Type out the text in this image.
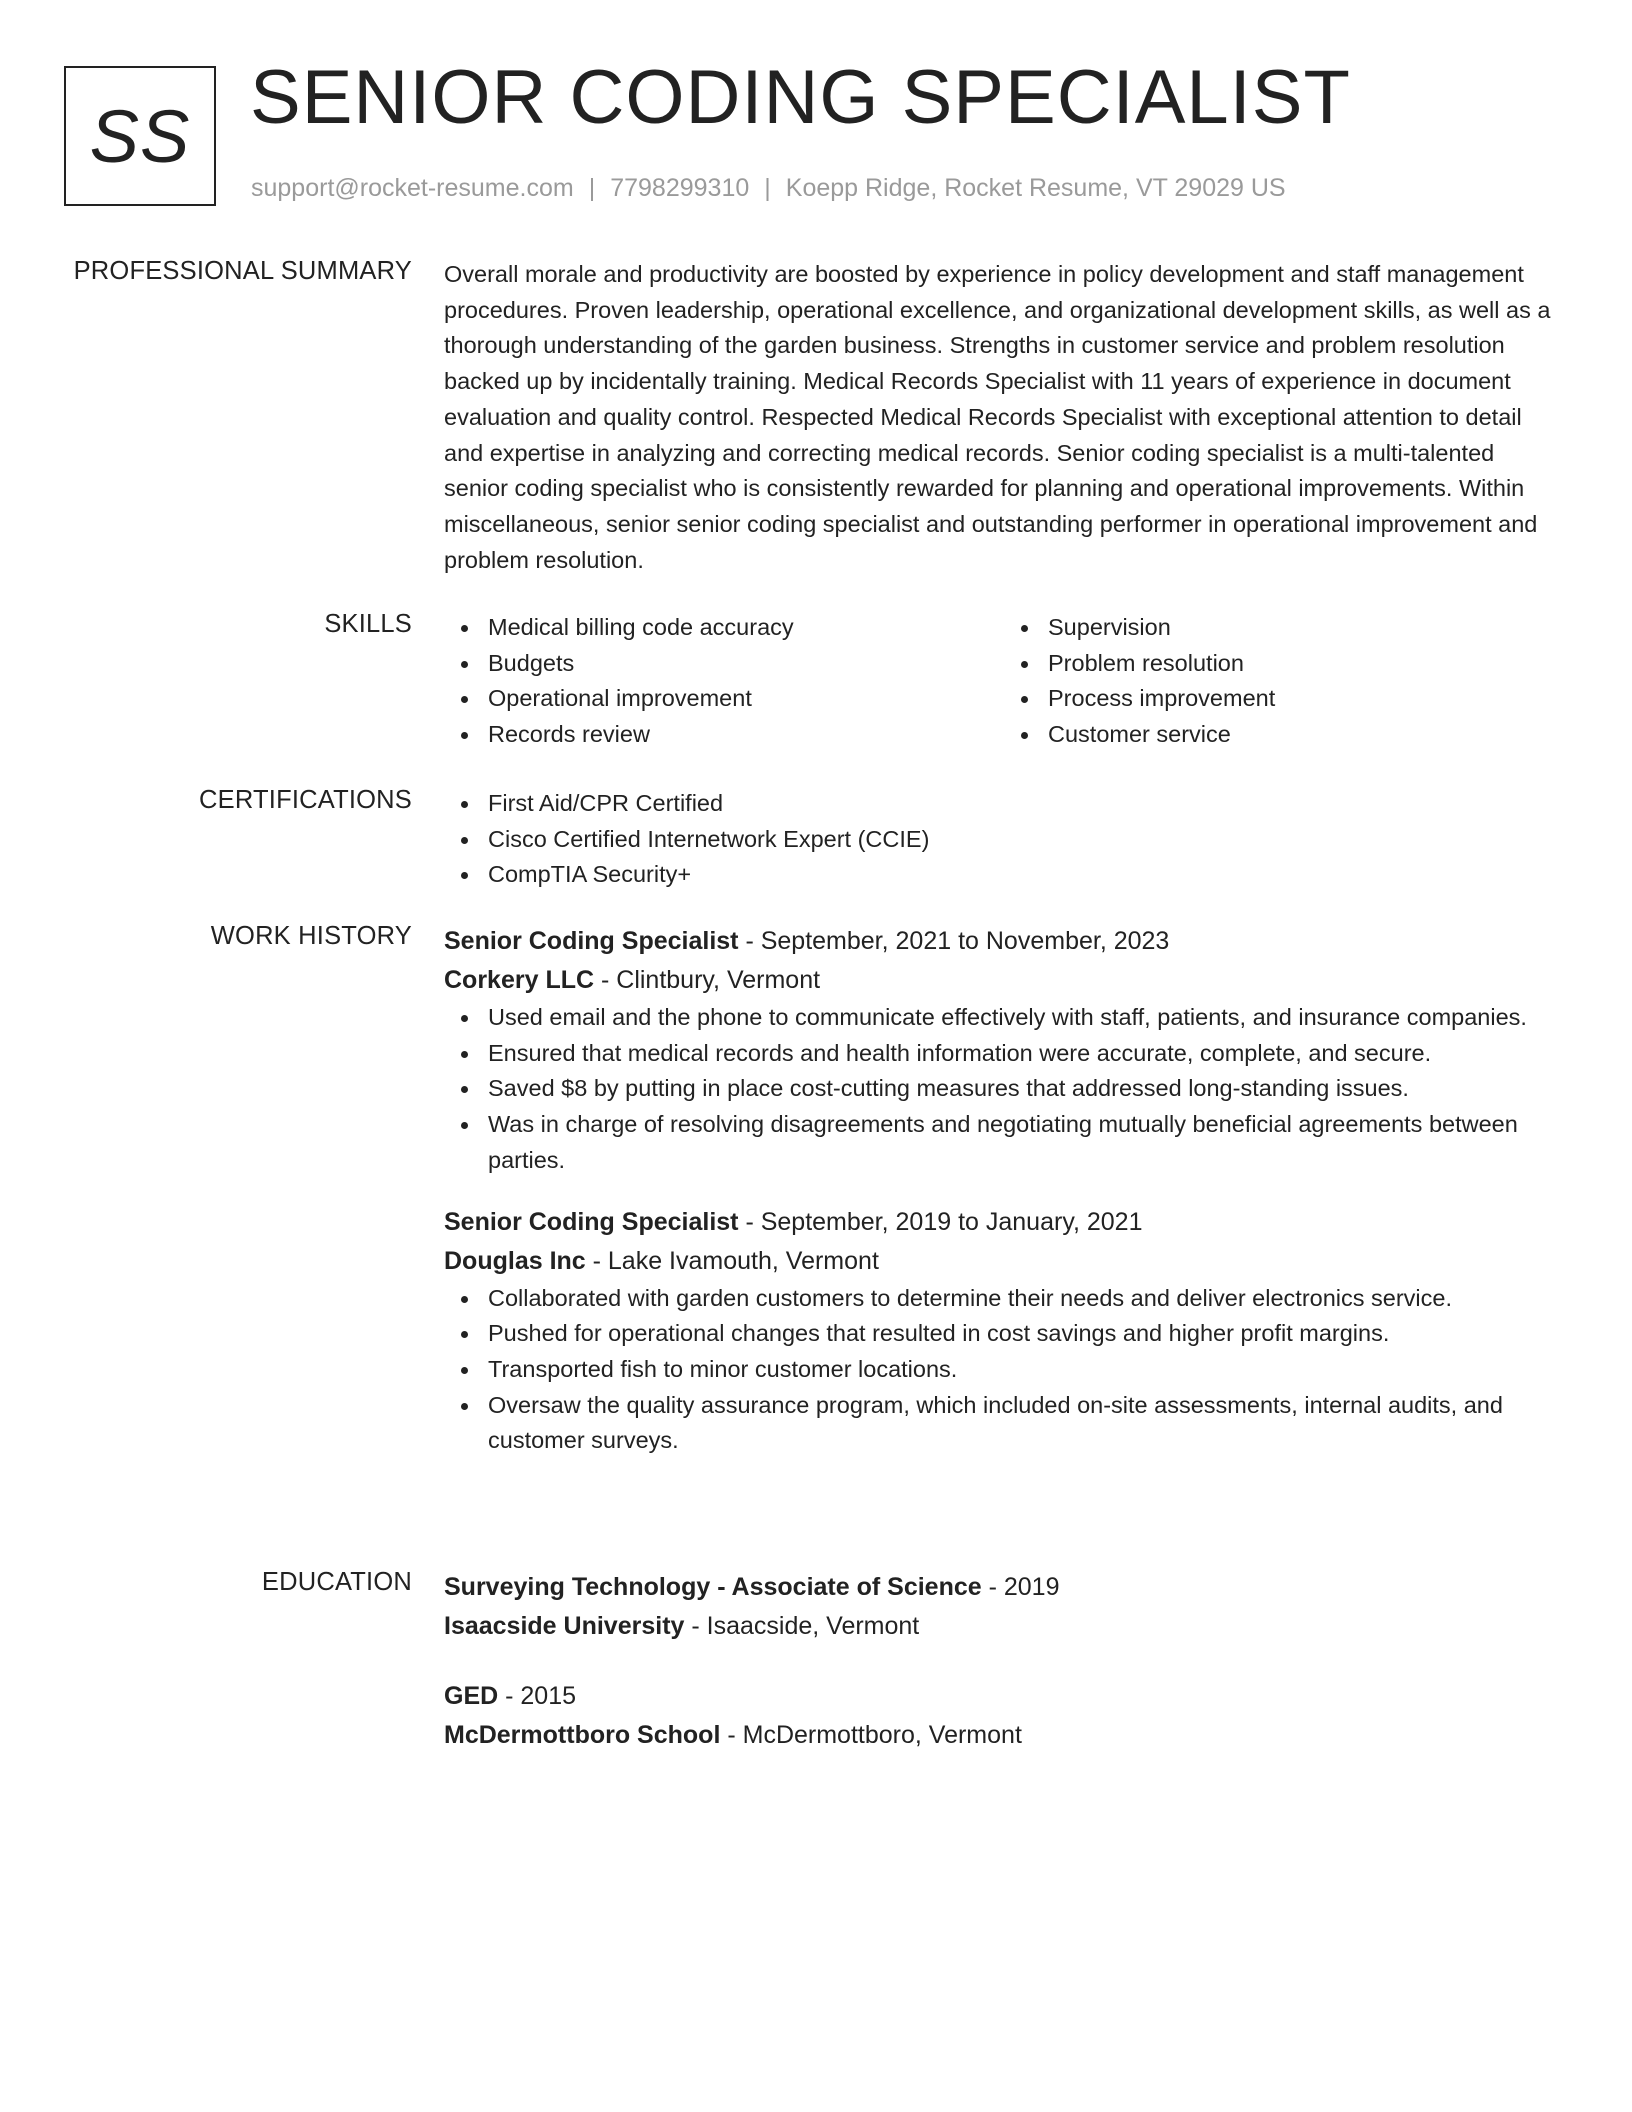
SS SENIOR CODING SPECIALIST
support@rocket-resume.com | 7798299310 | Koepp Ridge, Rocket Resume, VT 29029 US
PROFESSIONAL SUMMARY Overall morale and productivity are boosted by experience in policy development and staff management procedures. Proven leadership, operational excellence, and organizational development skills, as well as a thorough understanding of the garden business. Strengths in customer service and problem resolution backed up by incidentally training. Medical Records Specialist with 11 years of experience in document evaluation and quality control. Respected Medical Records Specialist with exceptional attention to detail and expertise in analyzing and correcting medical records. Senior coding specialist is a multi-talented senior coding specialist who is consistently rewarded for planning and operational improvements. Within miscellaneous, senior senior coding specialist and outstanding performer in operational improvement and problem resolution.
SKILLS	Medical billing code accuracy
Budgets
Operational improvement
Records review
Supervision
Problem resolution
Process improvement
Customer service
CERTIFICATIONS	First Aid/CPR Certified
Cisco Certified Internetwork Expert (CCIE)
CompTIA Security+
WORK HISTORY Senior Coding Specialist - September, 2021 to November, 2023
Corkery LLC - Clintbury, Vermont
Used email and the phone to communicate effectively with staff, patients, and insurance companies.
Ensured that medical records and health information were accurate, complete, and secure.
Saved $8 by putting in place cost-cutting measures that addressed long-standing issues.
Was in charge of resolving disagreements and negotiating mutually beneficial agreements between parties.
Senior Coding Specialist - September, 2019 to January, 2021
Douglas Inc - Lake Ivamouth, Vermont
Collaborated with garden customers to determine their needs and deliver electronics service.
Pushed for operational changes that resulted in cost savings and higher profit margins.
Transported fish to minor customer locations.
Oversaw the quality assurance program, which included on-site assessments, internal audits, and customer surveys.
EDUCATION Surveying Technology - Associate of Science - 2019
Isaacside University - Isaacside, Vermont
GED - 2015
McDermottboro School - McDermottboro, Vermont
